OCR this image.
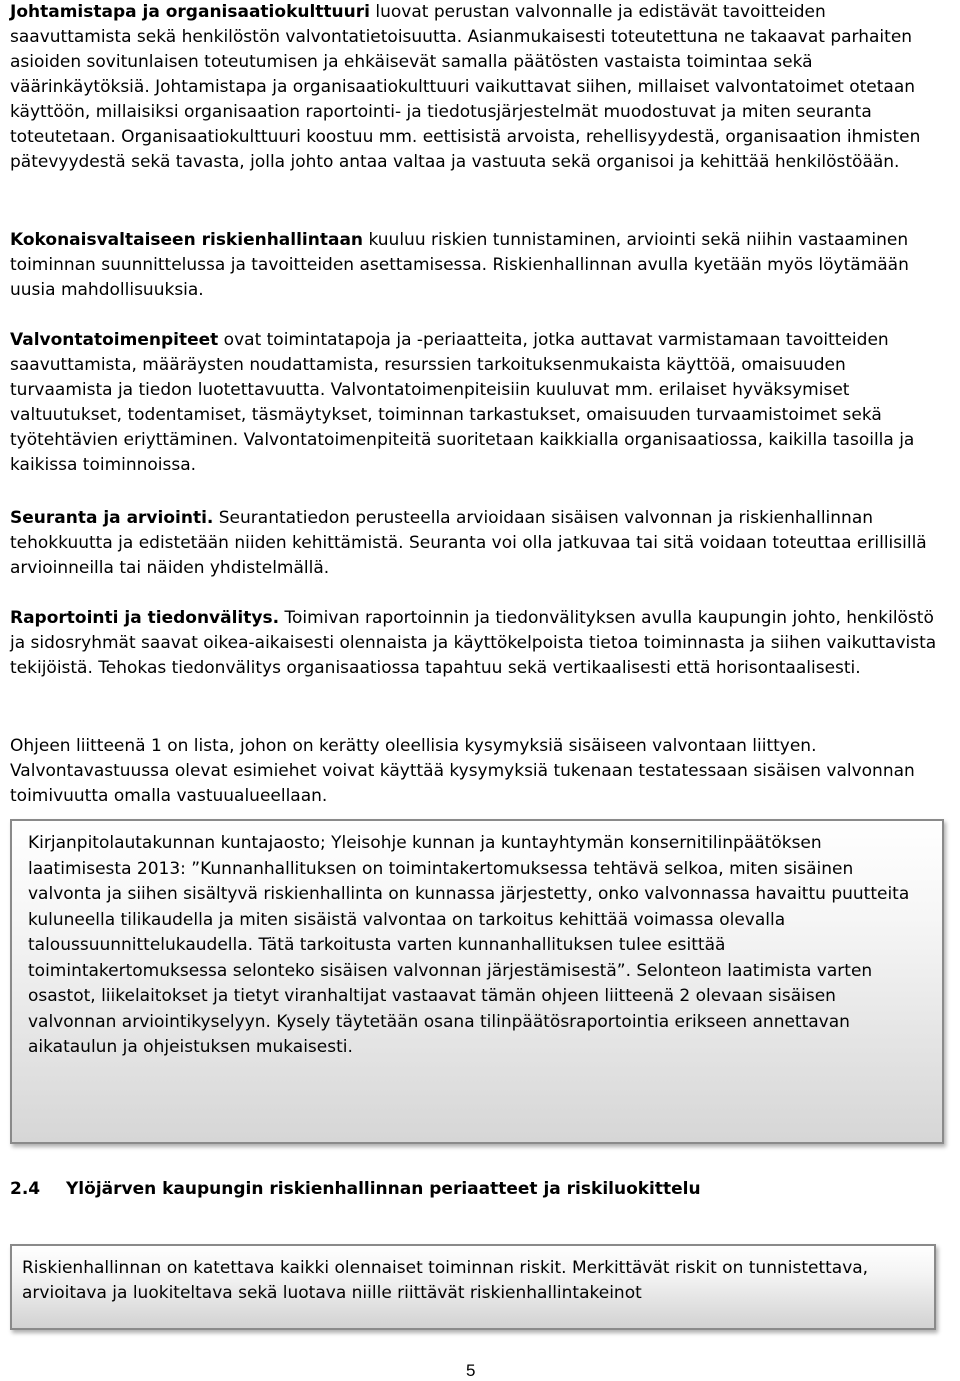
Johtamistapa ja organisaatiokulttuuri luovat perustan valvonnalle ja edistävät tavoitteiden saavuttamista sekä henkilöstön valvontatietoisuutta. Asianmukaisesti toteutettuna ne takaavat parhaiten asioiden sovitunlaisen toteutumisen ja ehkäisevät samalla päätösten vastaista toimintaa sekä väärinkäytöksiä. Johtamistapa ja organisaatiokulttuuri vaikuttavat siihen, millaiset valvontatoimet otetaan käyttöön, millaisiksi organisaation raportointi- ja tiedotusjärjestelmät muodostuvat ja miten seuranta toteutetaan. Organisaatiokulttuuri koostuu mm. eettisistä arvoista, rehellisyydestä, organisaation ihmisten pätevyydestä sekä tavasta, jolla johto antaa valtaa ja vastuuta sekä organisoi ja kehittää henkilöstöään.

Kokonaisvaltaiseen riskienhallintaan kuuluu riskien tunnistaminen, arviointi sekä niihin vastaaminen toiminnan suunnittelussa ja tavoitteiden asettamisessa. Riskienhallinnan avulla kyetään myös löytämään uusia mahdollisuuksia.

Valvontatoimenpiteet ovat toimintatapoja ja -periaatteita, jotka auttavat varmistamaan tavoitteiden saavuttamista, määräysten noudattamista, resurssien tarkoituksenmukaista käyttöä, omaisuuden turvaamista ja tiedon luotettavuutta. Valvontatoimenpiteisiin kuuluvat mm. erilaiset hyväksymiset valtuutukset, todentamiset, täsmäytykset, toiminnan tarkastukset, omaisuuden turvaamistoimet sekä työtehtävien eriyttäminen. Valvontatoimenpiteitä suoritetaan kaikkialla organisaatiossa, kaikilla tasoilla ja kaikissa toiminnoissa.

Seuranta ja arviointi. Seurantatiedon perusteella arvioidaan sisäisen valvonnan ja riskienhallinnan tehokkuutta ja edistetään niiden kehittämistä. Seuranta voi olla jatkuvaa tai sitä voidaan toteuttaa erillisillä arvioinneilla tai näiden yhdistelmällä.

Raportointi ja tiedonvälitys. Toimivan raportoinnin ja tiedonvälityksen avulla kaupungin johto, henkilöstö ja sidosryhmät saavat oikea-aikaisesti olennaista ja käyttökelpoista tietoa toiminnasta ja siihen vaikuttavista tekijöistä. Tehokas tiedonvälitys organisaatiossa tapahtuu sekä vertikaalisesti että horisontaalisesti.

Ohjeen liitteenä 1 on lista, johon on kerätty oleellisia kysymyksiä sisäiseen valvontaan liittyen. Valvontavastuussa olevat esimiehet voivat käyttää kysymyksiä tukenaan testatessaan sisäisen valvonnan toimivuutta omalla vastuualueellaan.

Kirjanpitolautakunnan kuntajaosto; Yleisohje kunnan ja kuntayhtymän konsernitilinpäätöksen laatimisesta 2013: ”Kunnanhallituksen on toimintakertomuksessa tehtävä selkoa, miten sisäinen valvonta ja siihen sisältyvä riskienhallinta on kunnassa järjestetty, onko valvonnassa havaittu puutteita kuluneella tilikaudella ja miten sisäistä valvontaa on tarkoitus kehittää voimassa olevalla taloussuunnittelukaudella. Tätä tarkoitusta varten kunnanhallituksen tulee esittää toimintakertomuksessa selonteko sisäisen valvonnan järjestämisestä”. Selonteon laatimista varten osastot, liikelaitokset ja tietyt viranhaltijat vastaavat tämän ohjeen liitteenä 2 olevaan sisäisen valvonnan arviointikyselyyn. Kysely täytetään osana tilinpäätösraportointia erikseen annettavan aikataulun ja ohjeistuksen mukaisesti.

2.4 Ylöjärven kaupungin riskienhallinnan periaatteet ja riskiluokittelu

Riskienhallinnan on katettava kaikki olennaiset toiminnan riskit. Merkittävät riskit on tunnistettava, arvioitava ja luokiteltava sekä luotava niille riittävät riskienhallintakeinot

5
